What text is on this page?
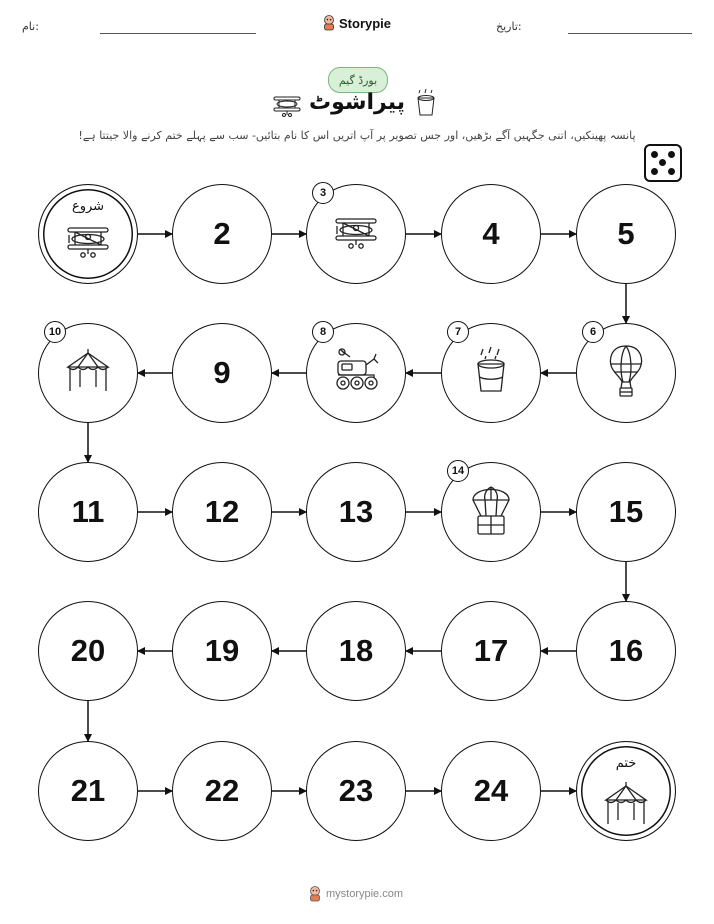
نام:	Storypie	تاریخ:
بورڈ گیم
پیراشوٹ
پانسہ پھینکیں، اتنی جگہیں آگے بڑھیں، اور جس تصویر پر آپ اتریں اس کا نام بتائیں- سب سے پہلے ختم کرنے والا جیتتا ہے!
شروع
2
3
4	5
6
7
8
9
10
11	12	13
14
15
16
17
18
19
20
21	22	23	24
ختم
mystorypie.com
